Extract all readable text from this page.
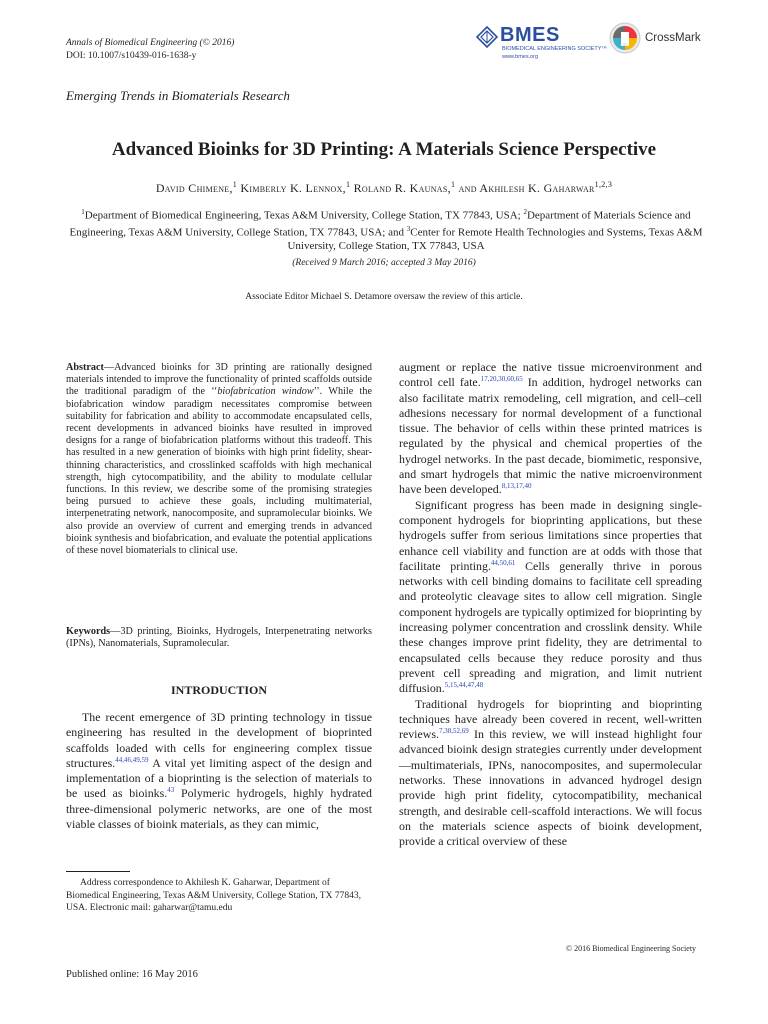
Annals of Biomedical Engineering (© 2016)
DOI: 10.1007/s10439-016-1638-y
BMES
BIOMEDICAL ENGINEERING SOCIETY™
www.bmes.org
CrossMark
Emerging Trends in Biomaterials Research
Advanced Bioinks for 3D Printing: A Materials Science Perspective
David Chimene,$^1$ Kimberly K. Lennox,$^1$ Roland R. Kaunas,$^1$ and Akhilesh K. Gaharwar$^{1,2,3}$
$^1$Department of Biomedical Engineering, Texas A&M University, College Station, TX 77843, USA; $^2$Department of Materials Science and Engineering, Texas A&M University, College Station, TX 77843, USA; and $^3$Center for Remote Health Technologies and Systems, Texas A&M University, College Station, TX 77843, USA
(Received 9 March 2016; accepted 3 May 2016)
Associate Editor Michael S. Detamore oversaw the review of this article.
Abstract—Advanced bioinks for 3D printing are rationally designed materials intended to improve the functionality of printed scaffolds outside the traditional paradigm of the ‘‘biofabrication window’’. While the biofabrication window paradigm necessitates compromise between suitability for fabrication and ability to accommodate encapsulated cells, recent developments in advanced bioinks have resulted in improved designs for a range of biofabrication platforms without this tradeoff. This has resulted in a new generation of bioinks with high print fidelity, shear-thinning characteristics, and crosslinked scaffolds with high mechanical strength, high cytocompatibility, and the ability to modulate cellular functions. In this review, we describe some of the promising strategies being pursued to achieve these goals, including multimaterial, interpenetrating network, nanocomposite, and supramolecular bioinks. We also provide an overview of current and emerging trends in advanced bioink synthesis and biofabrication, and evaluate the potential applications of these novel biomaterials to clinical use.
Keywords—3D printing, Bioinks, Hydrogels, Interpenetrating networks (IPNs), Nanomaterials, Supramolecular.
INTRODUCTION
The recent emergence of 3D printing technology in tissue engineering has resulted in the development of bioprinted scaffolds loaded with cells for engineering complex tissue structures.$^{44,46,49,59}$ A vital yet limiting aspect of the design and implementation of a bioprinting is the selection of materials to be used as bioinks.$^{43}$ Polymeric hydrogels, highly hydrated three-dimensional polymeric networks, are one of the most viable classes of bioink materials, as they can mimic,
Address correspondence to Akhilesh K. Gaharwar, Department of Biomedical Engineering, Texas A&M University, College Station, TX 77843, USA. Electronic mail: gaharwar@tamu.edu

augment or replace the native tissue microenvironment and control cell fate.$^{17,20,30,60,65}$ In addition, hydrogel networks can also facilitate matrix remodeling, cell migration, and cell–cell adhesions necessary for normal development of a functional tissue. The behavior of cells within these printed matrices is regulated by the physical and chemical properties of the hydrogel networks. In the past decade, biomimetic, responsive, and smart hydrogels that mimic the native microenvironment have been developed.$^{8,13,17,40}$

Significant progress has been made in designing single-component hydrogels for bioprinting applications, but these hydrogels suffer from serious limitations since properties that enhance cell viability and function are at odds with those that facilitate printing.$^{44,50,61}$ Cells generally thrive in porous networks with cell binding domains to facilitate cell spreading and proteolytic cleavage sites to allow cell migration. Single component hydrogels are typically optimized for bioprinting by increasing polymer concentration and crosslink density. While these changes improve print fidelity, they are detrimental to encapsulated cells because they reduce porosity and thus prevent cell spreading and migration, and limit nutrient diffusion.$^{5,15,44,47,48}$

Traditional hydrogels for bioprinting and bioprinting techniques have already been covered in recent, well-written reviews.$^{7,38,52,69}$ In this review, we will instead highlight four advanced bioink design strategies currently under development—multimaterials, IPNs, nanocomposites, and supermolecular networks. These innovations in advanced hydrogel design provide high print fidelity, cytocompatibility, mechanical strength, and desirable cell-scaffold interactions. We will focus on the materials science aspects of bioink development, provide a critical overview of these

© 2016 Biomedical Engineering Society
Published online: 16 May 2016
